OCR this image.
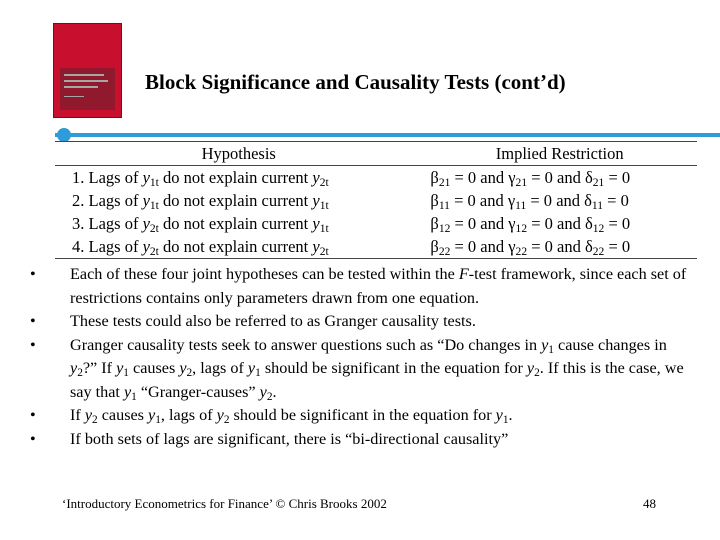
Block Significance and Causality Tests (cont’d)
Hypothesis	Implied Restriction
1. Lags of $y_{1t}$ do not explain current $y_{2t}$	$\beta_{21} = 0$ and $\gamma_{21} = 0$ and $\delta_{21} = 0$
2. Lags of $y_{1t}$ do not explain current $y_{1t}$	$\beta_{11} = 0$ and $\gamma_{11} = 0$ and $\delta_{11} = 0$
3. Lags of $y_{2t}$ do not explain current $y_{1t}$	$\beta_{12} = 0$ and $\gamma_{12} = 0$ and $\delta_{12} = 0$
4. Lags of $y_{2t}$ do not explain current $y_{2t}$	$\beta_{22} = 0$ and $\gamma_{22} = 0$ and $\delta_{22} = 0$
• Each of these four joint hypotheses can be tested within the F-test framework, since each set of restrictions contains only parameters drawn from one equation.
• These tests could also be referred to as Granger causality tests.
• Granger causality tests seek to answer questions such as “Do changes in $y_1$ cause changes in $y_2$?” If $y_1$ causes $y_2$, lags of $y_1$ should be significant in the equation for $y_2$. If this is the case, we say that $y_1$ “Granger-causes” $y_2$.
• If $y_2$ causes $y_1$, lags of $y_2$ should be significant in the equation for $y_1$.
• If both sets of lags are significant, there is “bi-directional causality”
‘Introductory Econometrics for Finance’ © Chris Brooks 2002	48
